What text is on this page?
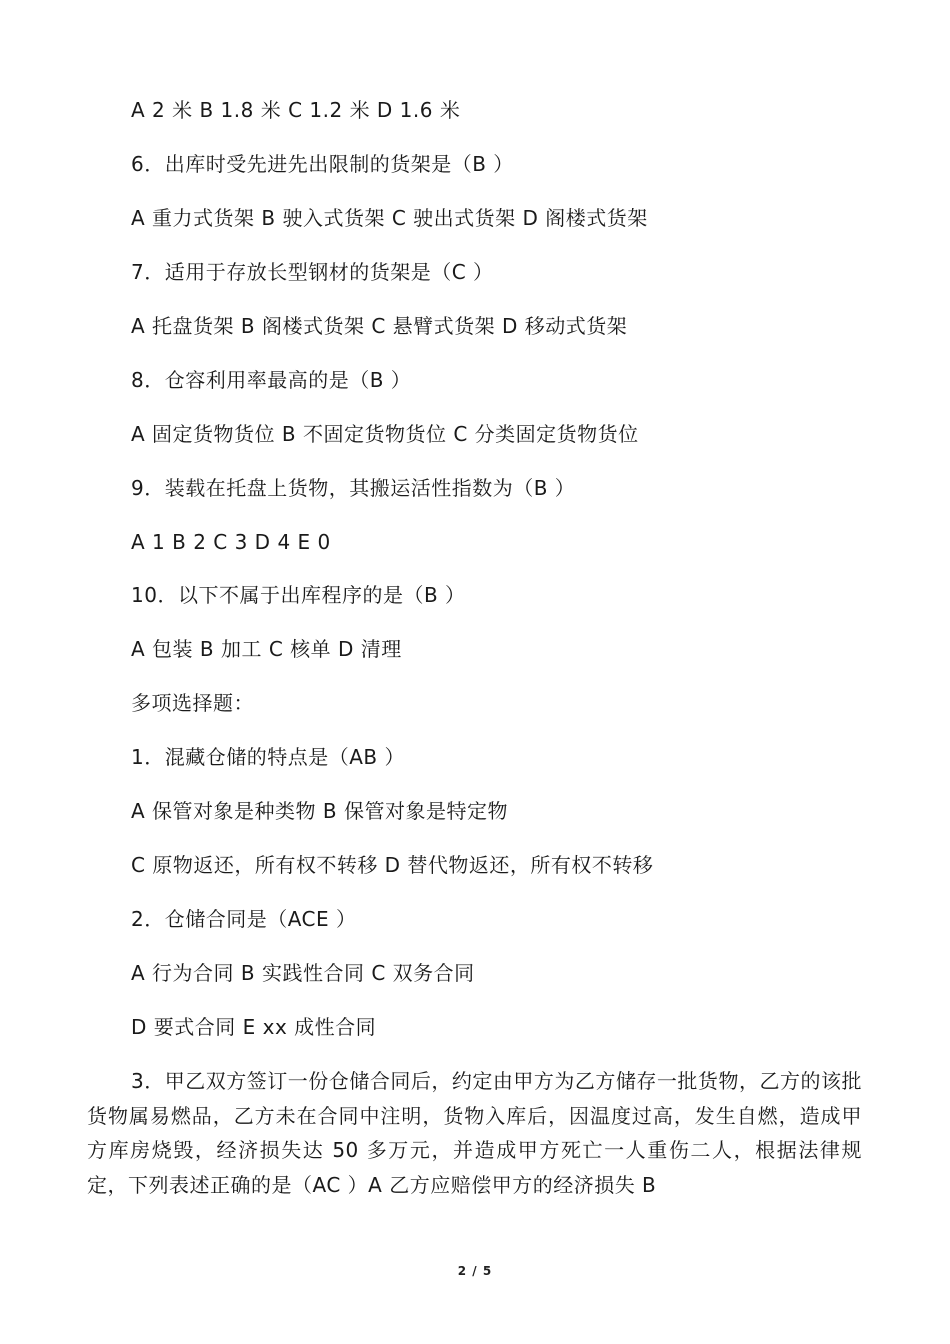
A 2 米 B 1.8 米 C 1.2 米 D 1.6 米
6．出库时受先进先出限制的货架是（B ）
A 重力式货架 B 驶入式货架 C 驶出式货架 D 阁楼式货架
7．适用于存放长型钢材的货架是（C ）
A 托盘货架 B 阁楼式货架 C 悬臂式货架 D 移动式货架
8．仓容利用率最高的是（B ）
A 固定货物货位 B 不固定货物货位 C 分类固定货物货位
9．装载在托盘上货物，其搬运活性指数为（B ）
A 1 B 2 C 3 D 4 E 0
10．以下不属于出库程序的是（B ）
A 包装 B 加工 C 核单 D 清理
多项选择题：
1．混藏仓储的特点是（AB ）
A 保管对象是种类物 B 保管对象是特定物
C 原物返还，所有权不转移 D 替代物返还，所有权不转移
2．仓储合同是（ACE ）
A 行为合同 B 实践性合同 C 双务合同
D 要式合同 E xx 成性合同
3．甲乙双方签订一份仓储合同后，约定由甲方为乙方储存一批货物，乙方的该批货物属易燃品，乙方未在合同中注明，货物入库后，因温度过高，发生自燃，造成甲方库房烧毁，经济损失达 50 多万元，并造成甲方死亡一人重伤二人，根据法律规定，下列表述正确的是（AC ）A 乙方应赔偿甲方的经济损失 B
2 / 5
